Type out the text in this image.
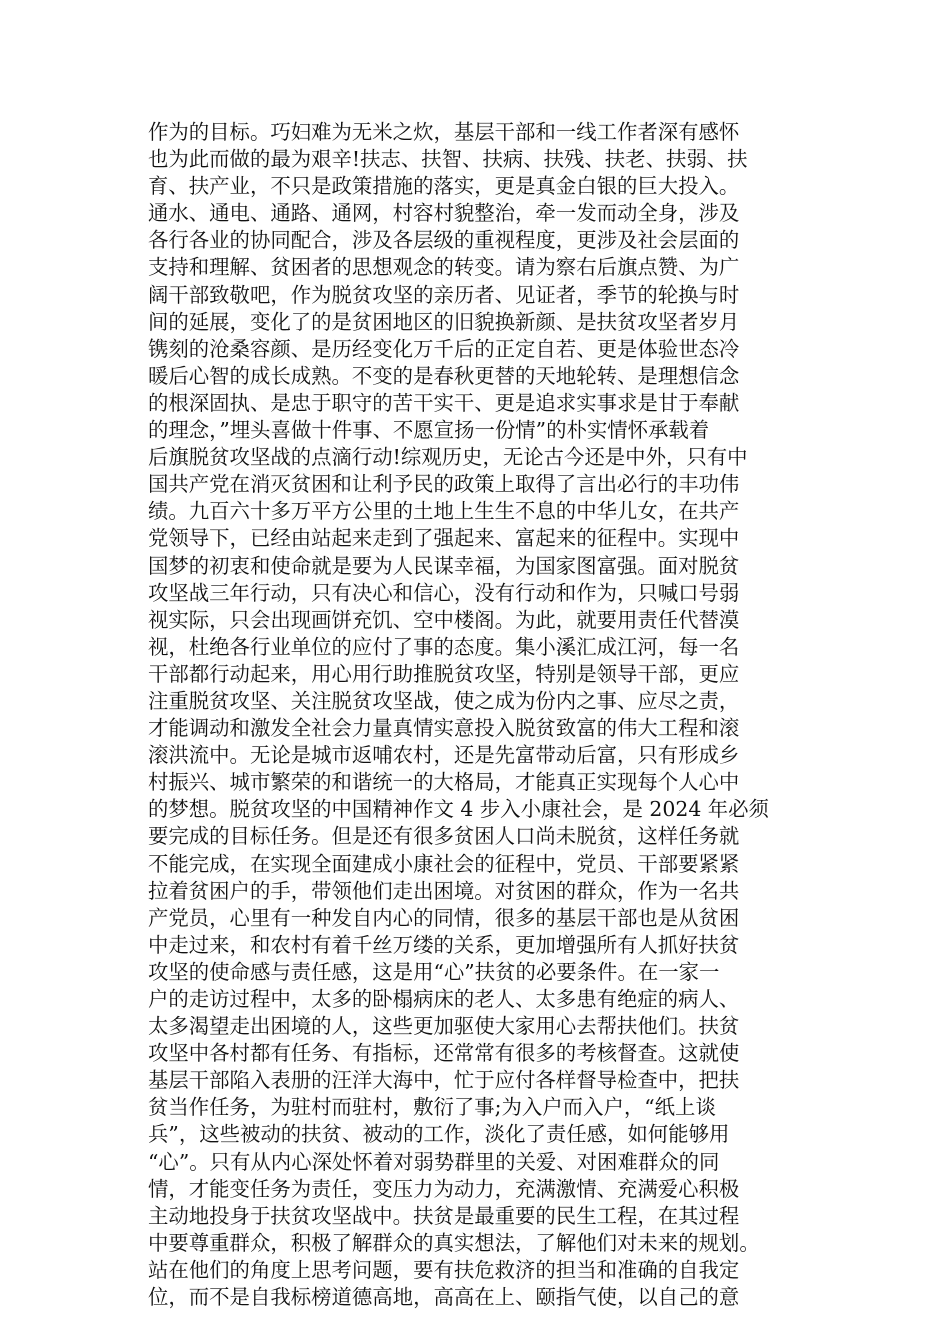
作为的目标。巧妇难为无米之炊，基层干部和一线工作者深有感怀
也为此而做的最为艰辛!扶志、扶智、扶病、扶残、扶老、扶弱、扶
育、扶产业，不只是政策措施的落实，更是真金白银的巨大投入。
通水、通电、通路、通网，村容村貌整治，牵一发而动全身，涉及
各行各业的协同配合，涉及各层级的重视程度，更涉及社会层面的
支持和理解、贫困者的思想观念的转变。请为察右后旗点赞、为广
阔干部致敬吧，作为脱贫攻坚的亲历者、见证者，季节的轮换与时
间的延展，变化了的是贫困地区的旧貌换新颜、是扶贫攻坚者岁月
镌刻的沧桑容颜、是历经变化万千后的正定自若、更是体验世态冷
暖后心智的成长成熟。不变的是春秋更替的天地轮转、是理想信念
的根深固执、是忠于职守的苦干实干、更是追求实事求是甘于奉献
的理念，”埋头喜做十件事、不愿宣扬一份情”的朴实情怀承载着
后旗脱贫攻坚战的点滴行动!综观历史，无论古今还是中外，只有中
国共产党在消灭贫困和让利予民的政策上取得了言出必行的丰功伟
绩。九百六十多万平方公里的土地上生生不息的中华儿女，在共产
党领导下，已经由站起来走到了强起来、富起来的征程中。实现中
国梦的初衷和使命就是要为人民谋幸福，为国家图富强。面对脱贫
攻坚战三年行动，只有决心和信心，没有行动和作为，只喊口号弱
视实际，只会出现画饼充饥、空中楼阁。为此，就要用责任代替漠
视，杜绝各行业单位的应付了事的态度。集小溪汇成江河，每一名
干部都行动起来，用心用行助推脱贫攻坚，特别是领导干部，更应
注重脱贫攻坚、关注脱贫攻坚战，使之成为份内之事、应尽之责，
才能调动和激发全社会力量真情实意投入脱贫致富的伟大工程和滚
滚洪流中。无论是城市返哺农村，还是先富带动后富，只有形成乡
村振兴、城市繁荣的和谐统一的大格局，才能真正实现每个人心中
的梦想。脱贫攻坚的中国精神作文 4 步入小康社会，是 2024 年必须
要完成的目标任务。但是还有很多贫困人口尚未脱贫，这样任务就
不能完成，在实现全面建成小康社会的征程中，党员、干部要紧紧
拉着贫困户的手，带领他们走出困境。对贫困的群众，作为一名共
产党员，心里有一种发自内心的同情，很多的基层干部也是从贫困
中走过来，和农村有着千丝万缕的关系，更加增强所有人抓好扶贫
攻坚的使命感与责任感，这是用“心”扶贫的必要条件。在一家一
户的走访过程中，太多的卧榻病床的老人、太多患有绝症的病人、
太多渴望走出困境的人，这些更加驱使大家用心去帮扶他们。扶贫
攻坚中各村都有任务、有指标，还常常有很多的考核督查。这就使
基层干部陷入表册的汪洋大海中，忙于应付各样督导检查中，把扶
贫当作任务，为驻村而驻村，敷衍了事;为入户而入户，“纸上谈
兵”，这些被动的扶贫、被动的工作，淡化了责任感，如何能够用
“心”。只有从内心深处怀着对弱势群里的关爱、对困难群众的同
情，才能变任务为责任，变压力为动力，充满激情、充满爱心积极
主动地投身于扶贫攻坚战中。扶贫是最重要的民生工程，在其过程
中要尊重群众，积极了解群众的真实想法，了解他们对未来的规划。
站在他们的角度上思考问题，要有扶危救济的担当和准确的自我定
位，而不是自我标榜道德高地，高高在上、颐指气使，以自己的意
